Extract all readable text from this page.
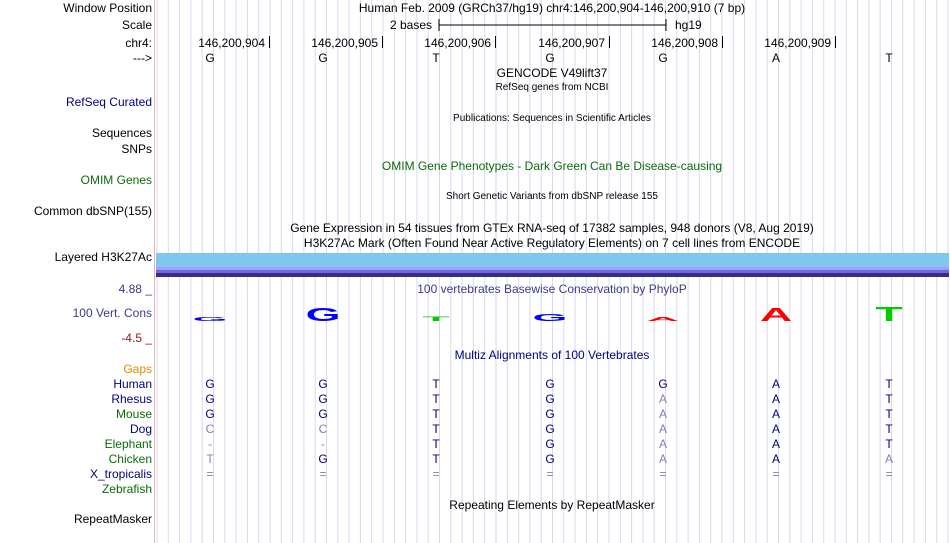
Window Position	Human Feb. 2009 (GRCh37/hg19) chr4:146,200,904-146,200,910 (7 bp)
Scale	2 bases	hg19
chr4:	146,200,904	146,200,905	146,200,906	146,200,907	146,200,908	146,200,909
--->	G	G	T	G	G	A	T
GENCODE V49lift37
RefSeq genes from NCBI
RefSeq Curated
Publications: Sequences in Scientific Articles
Sequences
SNPs
OMIM Gene Phenotypes - Dark Green Can Be Disease-causing
OMIM Genes
Short Genetic Variants from dbSNP release 155
Common dbSNP(155)
Gene Expression in 54 tissues from GTEx RNA-seq of 17382 samples, 948 donors (V8, Aug 2019)
H3K27Ac Mark (Often Found Near Active Regulatory Elements) on 7 cell lines from ENCODE
Layered H3K27Ac
100 vertebrates Basewise Conservation by PhyloP
4.88 _
100 Vert. Cons
-4.5 _
G	G	T	G	A	A	T
Multiz Alignments of 100 Vertebrates
Gaps
Human	G	G	T	G	G	A	T
Rhesus	G	G	T	G	A	A	T
Mouse	G	G	T	G	A	A	T
Dog	C	C	T	G	A	A	T
Elephant	-	-	T	G	A	A	T
Chicken	T	G	T	G	A	A	A
X_tropicalis	=	=	=	=	=	=	=
Zebrafish
Repeating Elements by RepeatMasker
RepeatMasker
